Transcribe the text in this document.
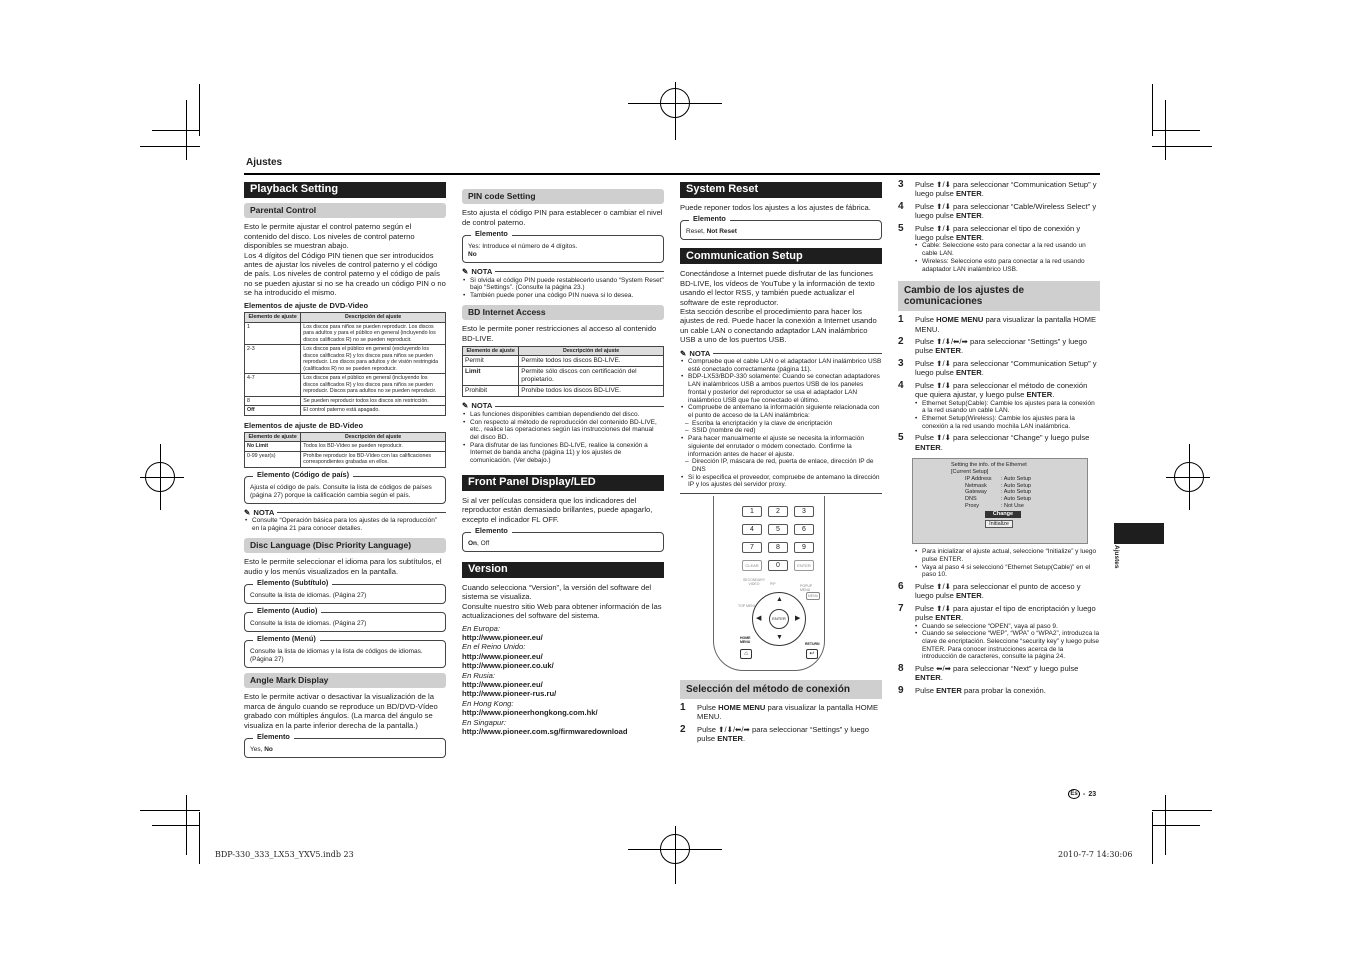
Ajustes
Ajustes
Es - 23
BDP-330_333_LX53_YXV5.indb 23	2010-7-7 14:30:06
Playback Setting
Parental Control
Esto le permite ajustar el control paterno según el contenido del disco. Los niveles de control paterno disponibles se muestran abajo.
Los 4 dígitos del Código PIN tienen que ser introducidos antes de ajustar los niveles de control paterno y el código de país. Los niveles de control paterno y el código de país no se pueden ajustar si no se ha creado un código PIN o no se ha introducido el mismo.
Elementos de ajuste de DVD-Video
Elemento de ajuste	Descripción del ajuste
1	Los discos para niños se pueden reproducir. Los discos para adultos y para el público en general (incluyendo los discos calificados R) no se pueden reproducir.
2-3	Los discos para el público en general (excluyendo los discos calificados R) y los discos para niños se pueden reproducir. Los discos para adultos y de visión restringida (calificados R) no se pueden reproducir.
4-7	Los discos para el público en general (incluyendo los discos calificados R) y los discos para niños se pueden reproducir. Discos para adultos no se pueden reproducir.
8	Se pueden reproducir todos los discos sin restricción.
Off	El control paterno está apagado.
Elementos de ajuste de BD-Video
Elemento de ajuste	Descripción del ajuste
No Limit	Todos los BD-Vídeo se pueden reproducir.
0-99 year(s)	Prohíbe reproducir los BD-Vídeo con las calificaciones correspondientes grabadas en ellos.
Elemento (Código de país)
Ajusta el código de país. Consulte la lista de códigos de países (página 27) porque la calificación cambia según el país.
✎ NOTA
• Consulte “Operación básica para los ajustes de la reproducción” en la página 21 para conocer detalles.
Disc Language (Disc Priority Language)
Esto le permite seleccionar el idioma para los subtítulos, el audio y los menús visualizados en la pantalla.
Elemento (Subtítulo)
Consulte la lista de idiomas. (Página 27)
Elemento (Audio)
Consulte la lista de idiomas. (Página 27)
Elemento (Menú)
Consulte la lista de idiomas y la lista de códigos de idiomas. (Página 27)
Angle Mark Display
Esto le permite activar o desactivar la visualización de la marca de ángulo cuando se reproduce un BD/DVD-Vídeo grabado con múltiples ángulos. (La marca del ángulo se visualiza en la parte inferior derecha de la pantalla.)
Elemento
Yes, No
PIN code Setting
Esto ajusta el código PIN para establecer o cambiar el nivel de control paterno.
Elemento
Yes: Introduce el número de 4 dígitos.
No
✎ NOTA
• Si olvida el código PIN puede restablecerlo usando “System Reset” bajo “Settings”. (Consulte la página 23.)
• También puede poner una código PIN nueva si lo desea.
BD Internet Access
Esto le permite poner restricciones al acceso al contenido BD-LIVE.
Elemento de ajuste	Descripción del ajuste
Permit	Permite todos los discos BD-LIVE.
Limit	Permite sólo discos con certificación del propietario.
Prohibit	Prohíbe todos los discos BD-LIVE.
✎ NOTA
• Las funciones disponibles cambian dependiendo del disco.
• Con respecto al método de reproducción del contenido BD-LIVE, etc., realice las operaciones según las instrucciones del manual del disco BD.
• Para disfrutar de las funciones BD-LIVE, realice la conexión a Internet de banda ancha (página 11) y los ajustes de comunicación. (Ver debajo.)
Front Panel Display/LED
Si al ver películas considera que los indicadores del reproductor están demasiado brillantes, puede apagarlo, excepto el indicador FL OFF.
Elemento
On, Off
Version
Cuando selecciona “Version”, la versión del software del sistema se visualiza.
Consulte nuestro sitio Web para obtener información de las actualizaciones del software del sistema.
En Europa:
http://www.pioneer.eu/
En el Reino Unido:
http://www.pioneer.eu/
http://www.pioneer.co.uk/
En Rusia:
http://www.pioneer.eu/
http://www.pioneer-rus.ru/
En Hong Kong:
http://www.pioneerhongkong.com.hk/
En Singapur:
http://www.pioneer.com.sg/firmwaredownload
System Reset
Puede reponer todos los ajustes a los ajustes de fábrica.
Elemento
Reset, Not Reset
Communication Setup
Conectándose a Internet puede disfrutar de las funciones BD-LIVE, los vídeos de YouTube y la información de texto usando el lector RSS, y también puede actualizar el software de este reproductor.
Esta sección describe el procedimiento para hacer los ajustes de red. Puede hacer la conexión a Internet usando un cable LAN o conectando adaptador LAN inalámbrico USB a uno de los puertos USB.
✎ NOTA
• Compruebe que el cable LAN o el adaptador LAN inalámbrico USB esté conectado correctamente (página 11).
• BDP-LX53/BDP-330 solamente: Cuando se conectan adaptadores LAN inalámbricos USB a ambos puertos USB de los paneles frontal y posterior del reproductor se usa el adaptador LAN inalámbrico USB que fue conectado el último.
• Compruebe de antemano la información siguiente relacionada con el punto de acceso de la LAN inalámbrica:
– Escriba la encriptación y la clave de encriptación
– SSID (nombre de red)
• Para hacer manualmente el ajuste se necesita la información siguiente del enrutador o módem conectado. Confirme la información antes de hacer el ajuste.
– Dirección IP, máscara de red, puerta de enlace, dirección IP de DNS
• Si lo especifica el proveedor, compruebe de antemano la dirección IP y los ajustes del servidor proxy.
1	2	3
4	5	6
7	8	9
CLEAR	0	ENTER
SECONDARY VIDEO	PIP	POPUP MENU
MENU
TOP MENU
ENTER
▲
▼
◀	▶
HOME MENU
⌂
RETURN
↩
Selección del método de conexión
1	Pulse HOME MENU para visualizar la pantalla HOME MENU.
2	Pulse ⬆/⬇/⬅/➡ para seleccionar “Settings” y luego pulse ENTER.
3	Pulse ⬆/⬇ para seleccionar “Communication Setup” y luego pulse ENTER.
4	Pulse ⬆/⬇ para seleccionar “Cable/Wireless Select” y luego pulse ENTER.
5	Pulse ⬆/⬇ para seleccionar el tipo de conexión y luego pulse ENTER.
• Cable: Seleccione esto para conectar a la red usando un cable LAN.
• Wireless: Seleccione esto para conectar a la red usando adaptador LAN inalámbrico USB.
Cambio de los ajustes de comunicaciones
1	Pulse HOME MENU para visualizar la pantalla HOME MENU.
2	Pulse ⬆/⬇/⬅/➡ para seleccionar “Settings” y luego pulse ENTER.
3	Pulse ⬆/⬇ para seleccionar “Communication Setup” y luego pulse ENTER.
4	Pulse ⬆/⬇ para seleccionar el método de conexión que quiera ajustar, y luego pulse ENTER.
• Ethernet Setup(Cable): Cambie los ajustes para la conexión a la red usando un cable LAN.
• Ethernet Setup(Wireless): Cambie los ajustes para la conexión a la red usando mochila LAN inalámbrica.
5	Pulse ⬆/⬇ para seleccionar “Change” y luego pulse ENTER.
Setting the info. of the Ethernet
[Current Setup]
IP Address	: Auto Setup
Netmask	: Auto Setup
Gateway	: Auto Setup
DNS	: Auto Setup
Proxy	: Not Use
Change
Initialize
• Para inicializar el ajuste actual, seleccione “Initialize” y luego pulse ENTER.
• Vaya al paso 4 si seleccionó “Ethernet Setup(Cable)” en el paso 10.
6	Pulse ⬆/⬇ para seleccionar el punto de acceso y luego pulse ENTER.
7	Pulse ⬆/⬇ para ajustar el tipo de encriptación y luego pulse ENTER.
• Cuando se seleccione “OPEN”, vaya al paso 9.
• Cuando se seleccione “WEP”, “WPA” o “WPA2”, introduzca la clave de encriptación. Seleccione “security key” y luego pulse ENTER. Para conocer instrucciones acerca de la introducción de caracteres, consulte la página 24.
8	Pulse ⬅/➡ para seleccionar “Next” y luego pulse ENTER.
9	Pulse ENTER para probar la conexión.
